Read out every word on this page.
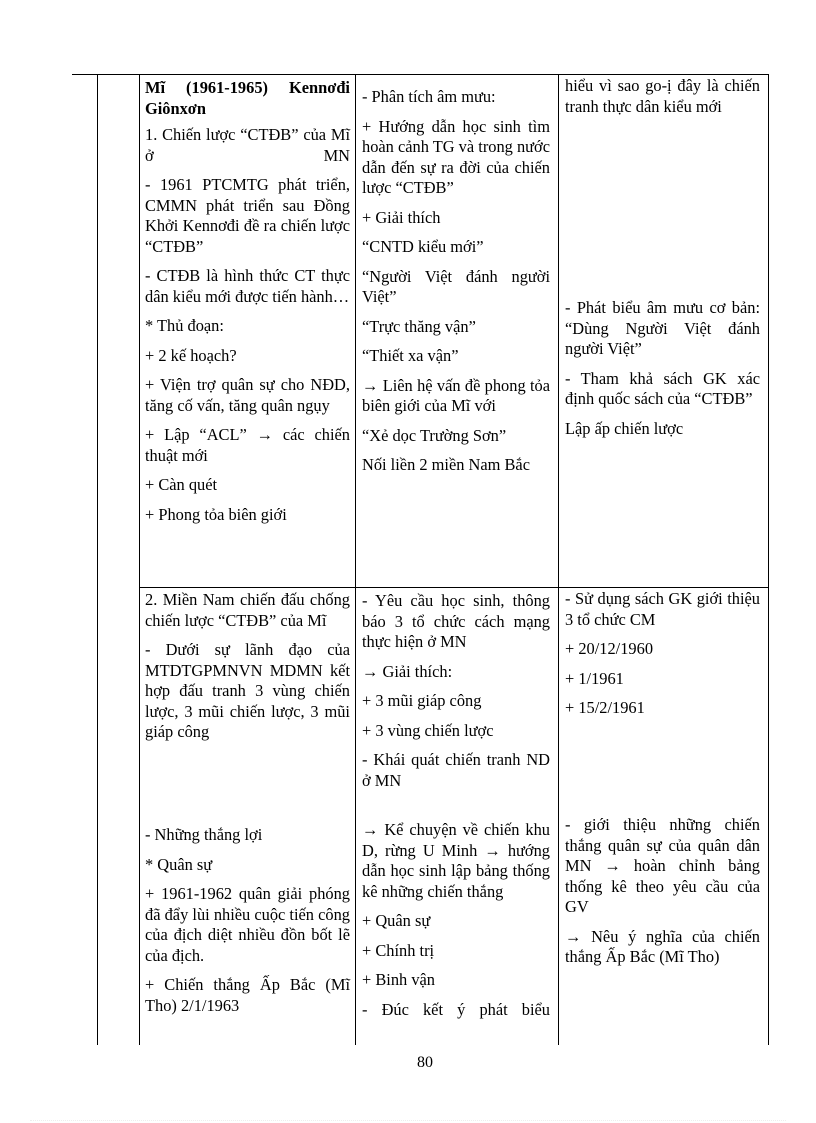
Mĩ (1961-1965) Kennơđi Giônxơn

1. Chiến lược “CTĐB” của Mĩ ở MN

- 1961 PTCMTG phát triển, CMMN phát triển sau Đồng Khởi Kennơđi đề ra chiến lược “CTĐB”

- CTĐB là hình thức CT thực dân kiểu mới được tiến hành…

* Thủ đoạn:

+ 2 kế hoạch?

+ Viện trợ quân sự cho NĐD, tăng cố vấn, tăng quân ngụy

+ Lập “ACL” → các chiến thuật mới

+ Càn quét

+ Phong tỏa biên giới

- Phân tích âm mưu:

+ Hướng dẫn học sinh tìm hoàn cảnh TG và trong nước dẫn đến sự ra đời của chiến lược “CTĐB”

+ Giải thích

“CNTD kiểu mới”

“Người Việt đánh người Việt”

“Trực thăng vận”

“Thiết xa vận”

→ Liên hệ vấn đề phong tỏa biên giới của Mĩ với

“Xẻ dọc Trường Sơn”

Nối liền 2 miền Nam Bắc

hiểu vì sao go-ị đây là chiến tranh thực dân kiểu mới

- Phát biểu âm mưu cơ bản: “Dùng Người Việt đánh người Việt”

- Tham khả sách GK xác định quốc sách của “CTĐB”

Lập ấp chiến lược

2. Miền Nam chiến đấu chống chiến lược “CTĐB” của Mĩ

- Dưới sự lãnh đạo của MTDTGPMNVN MDMN kết hợp đấu tranh 3 vùng chiến lược, 3 mũi chiến lược, 3 mũi giáp công

- Những thắng lợi

* Quân sự

+ 1961-1962 quân giải phóng đã đẩy lùi nhiều cuộc tiến công của địch diệt nhiều đồn bốt lẽ của địch.

+ Chiến thắng Ấp Bắc (Mĩ Tho) 2/1/1963

- Yêu cầu học sinh, thông báo 3 tổ chức cách mạng thực hiện ở MN

→ Giải thích:

+ 3 mũi giáp công

+ 3 vùng chiến lược

- Khái quát chiến tranh ND ở MN

→ Kể chuyện về chiến khu D, rừng U Minh → hướng dẫn học sinh lập bảng thống kê những chiến thắng

+ Quân sự

+ Chính trị

+ Binh vận

- Đúc kết ý phát biểu

- Sử dụng sách GK giới thiệu 3 tổ chức CM

+ 20/12/1960

+ 1/1961

+ 15/2/1961

- giới thiệu những chiến thắng quân sự của quân dân MN → hoàn chỉnh bảng thống kê theo yêu cầu của GV

→ Nêu ý nghĩa của chiến thắng Ấp Bắc (Mĩ Tho)

80
